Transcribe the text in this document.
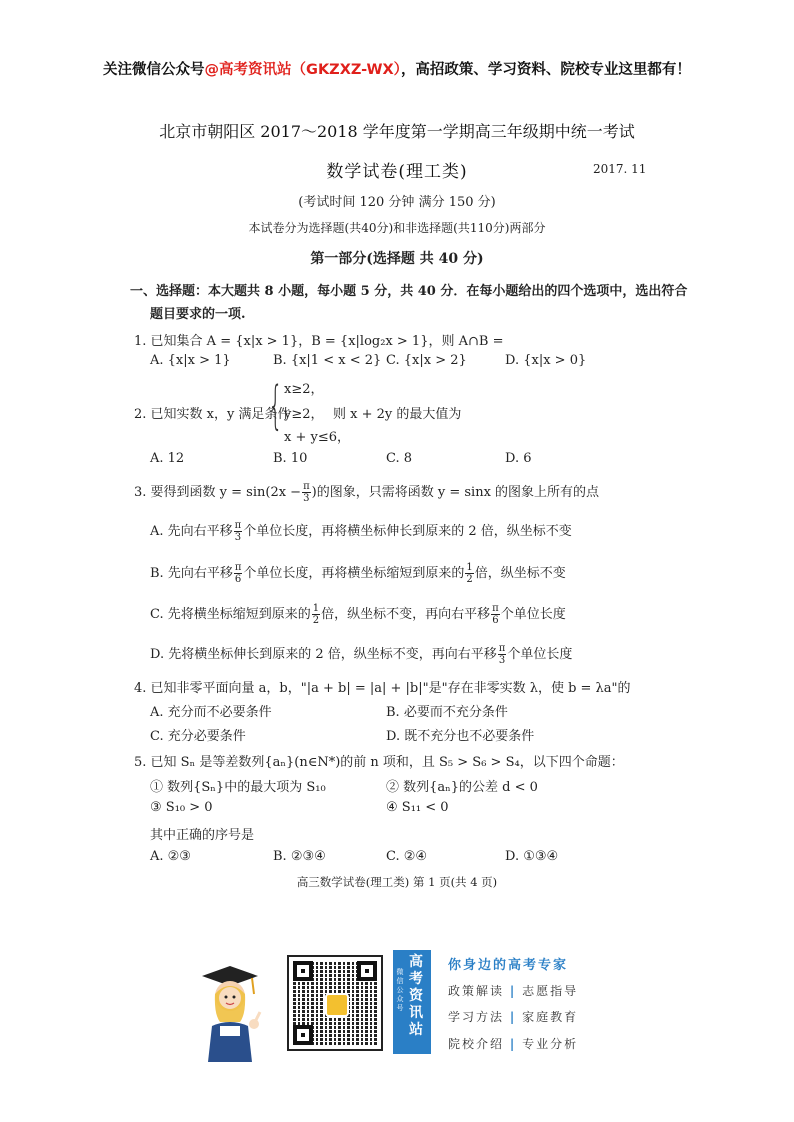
关注微信公众号@高考资讯站（GKZXZ-WX），高招政策、学习资料、院校专业这里都有！
北京市朝阳区 2017～2018 学年度第一学期高三年级期中统一考试
数学试卷(理工类)	2017. 11
(考试时间 120 分钟 满分 150 分)
本试卷分为选择题(共40分)和非选择题(共110分)两部分
第一部分(选择题 共 40 分)
一、选择题：本大题共 8 小题，每小题 5 分，共 40 分．在每小题给出的四个选项中，选出符合
题目要求的一项.
1. 已知集合 A = {x|x > 1}，B = {x|log₂x > 1}，则 A∩B =
A. {x|x > 1}	B. {x|1 < x < 2} C. {x|x > 2}	D. {x|x > 0}
2. 已知实数 x，y 满足条件
{ x≥2，
y≥2，
x + y≤6，
则 x + 2y 的最大值为
A. 12	B. 10	C. 8	D. 6
3. 要得到函数 $y = \sin(2x - \frac{\pi}{3}$ )的图象，只需将函数 y = sinx 的图象上所有的点
A. 先向右平移 $\frac{\pi}{3}$ 个单位长度，再将横坐标伸长到原来的 2 倍，纵坐标不变
B. 先向右平移 $\frac{\pi}{6}$ 个单位长度，再将横坐标缩短到原来的 $\frac{1}{2}$ 倍，纵坐标不变
C. 先将横坐标缩短到原来的 $\frac{1}{2}$ 倍，纵坐标不变，再向右平移 $\frac{\pi}{6}$ 个单位长度
D. 先将横坐标伸长到原来的 2 倍，纵坐标不变，再向右平移 $\frac{\pi}{3}$ 个单位长度
4. 已知非零平面向量 a，b，"|a + b| = |a| + |b|"是"存在非零实数 λ，使 b = λa"的
A. 充分而不必要条件	B. 必要而不充分条件
C. 充分必要条件	D. 既不充分也不必要条件
5. 已知 Sₙ 是等差数列{aₙ}(n∈N*)的前 n 项和，且 S₅ > S₆ > S₄，以下四个命题：
① 数列{Sₙ}中的最大项为 S₁₀	② 数列{aₙ}的公差 d < 0
③ S₁₀ > 0	④ S₁₁ < 0
其中正确的序号是
A. ②③	B. ②③④	C. ②④	D. ①③④
高三数学试卷(理工类) 第 1 页(共 4 页)
微
信
公
众
号
高
考
资
讯
站
你身边的高考专家
政策解读 | 志愿指导
学习方法 | 家庭教育
院校介绍 | 专业分析
